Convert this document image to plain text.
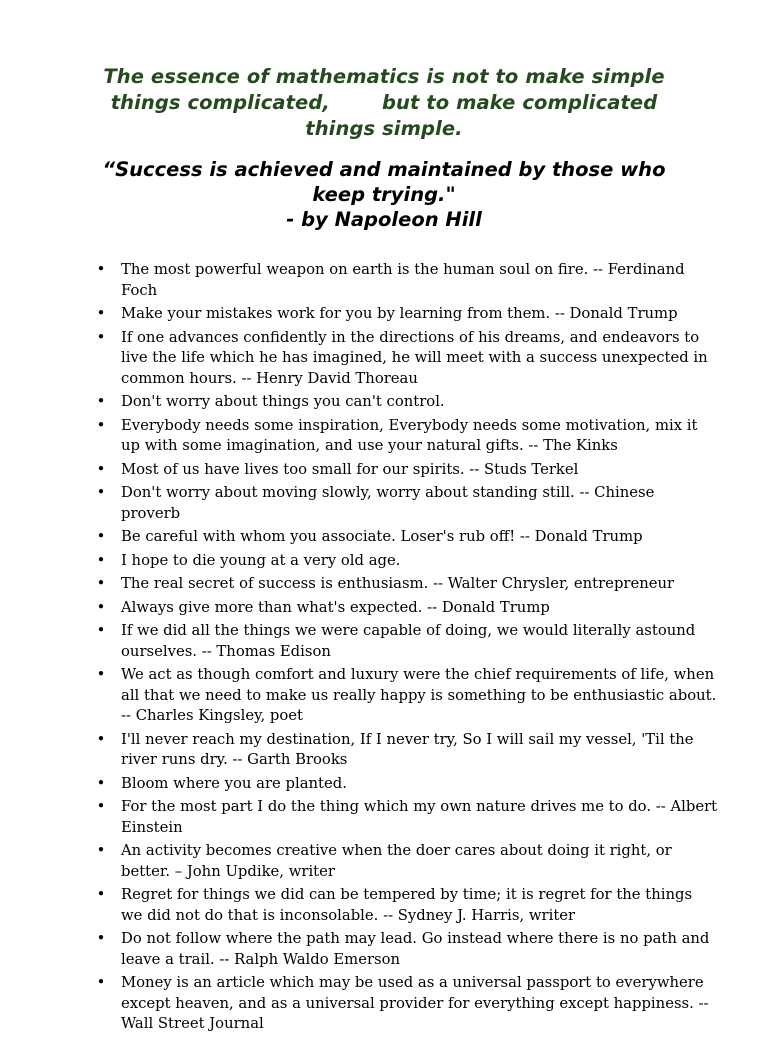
The essence of mathematics is not to make simple
things complicated,	but to make complicated
things simple.
“Success is achieved and maintained by those who
keep trying."
- by Napoleon Hill
• The most powerful weapon on earth is the human soul on fire. -- Ferdinand Foch
• Make your mistakes work for you by learning from them. -- Donald Trump
• If one advances confidently in the directions of his dreams, and endeavors to live the life which he has imagined, he will meet with a success unexpected in common hours. -- Henry David Thoreau
• Don't worry about things you can't control.
• Everybody needs some inspiration, Everybody needs some motivation, mix it up with some imagination, and use your natural gifts. -- The Kinks
• Most of us have lives too small for our spirits. -- Studs Terkel
• Don't worry about moving slowly, worry about standing still. -- Chinese proverb
• Be careful with whom you associate. Loser's rub off! -- Donald Trump
• I hope to die young at a very old age.
• The real secret of success is enthusiasm. -- Walter Chrysler, entrepreneur
• Always give more than what's expected. -- Donald Trump
• If we did all the things we were capable of doing, we would literally astound ourselves. -- Thomas Edison
• We act as though comfort and luxury were the chief requirements of life, when all that we need to make us really happy is something to be enthusiastic about. -- Charles Kingsley, poet
• I'll never reach my destination, If I never try, So I will sail my vessel, 'Til the river runs dry. -- Garth Brooks
• Bloom where you are planted.
• For the most part I do the thing which my own nature drives me to do. -- Albert Einstein
• An activity becomes creative when the doer cares about doing it right, or better. – John Updike, writer
• Regret for things we did can be tempered by time; it is regret for the things we did not do that is inconsolable. -- Sydney J. Harris, writer
• Do not follow where the path may lead. Go instead where there is no path and leave a trail. -- Ralph Waldo Emerson
• Money is an article which may be used as a universal passport to everywhere except heaven, and as a universal provider for everything except happiness. -- Wall Street Journal
